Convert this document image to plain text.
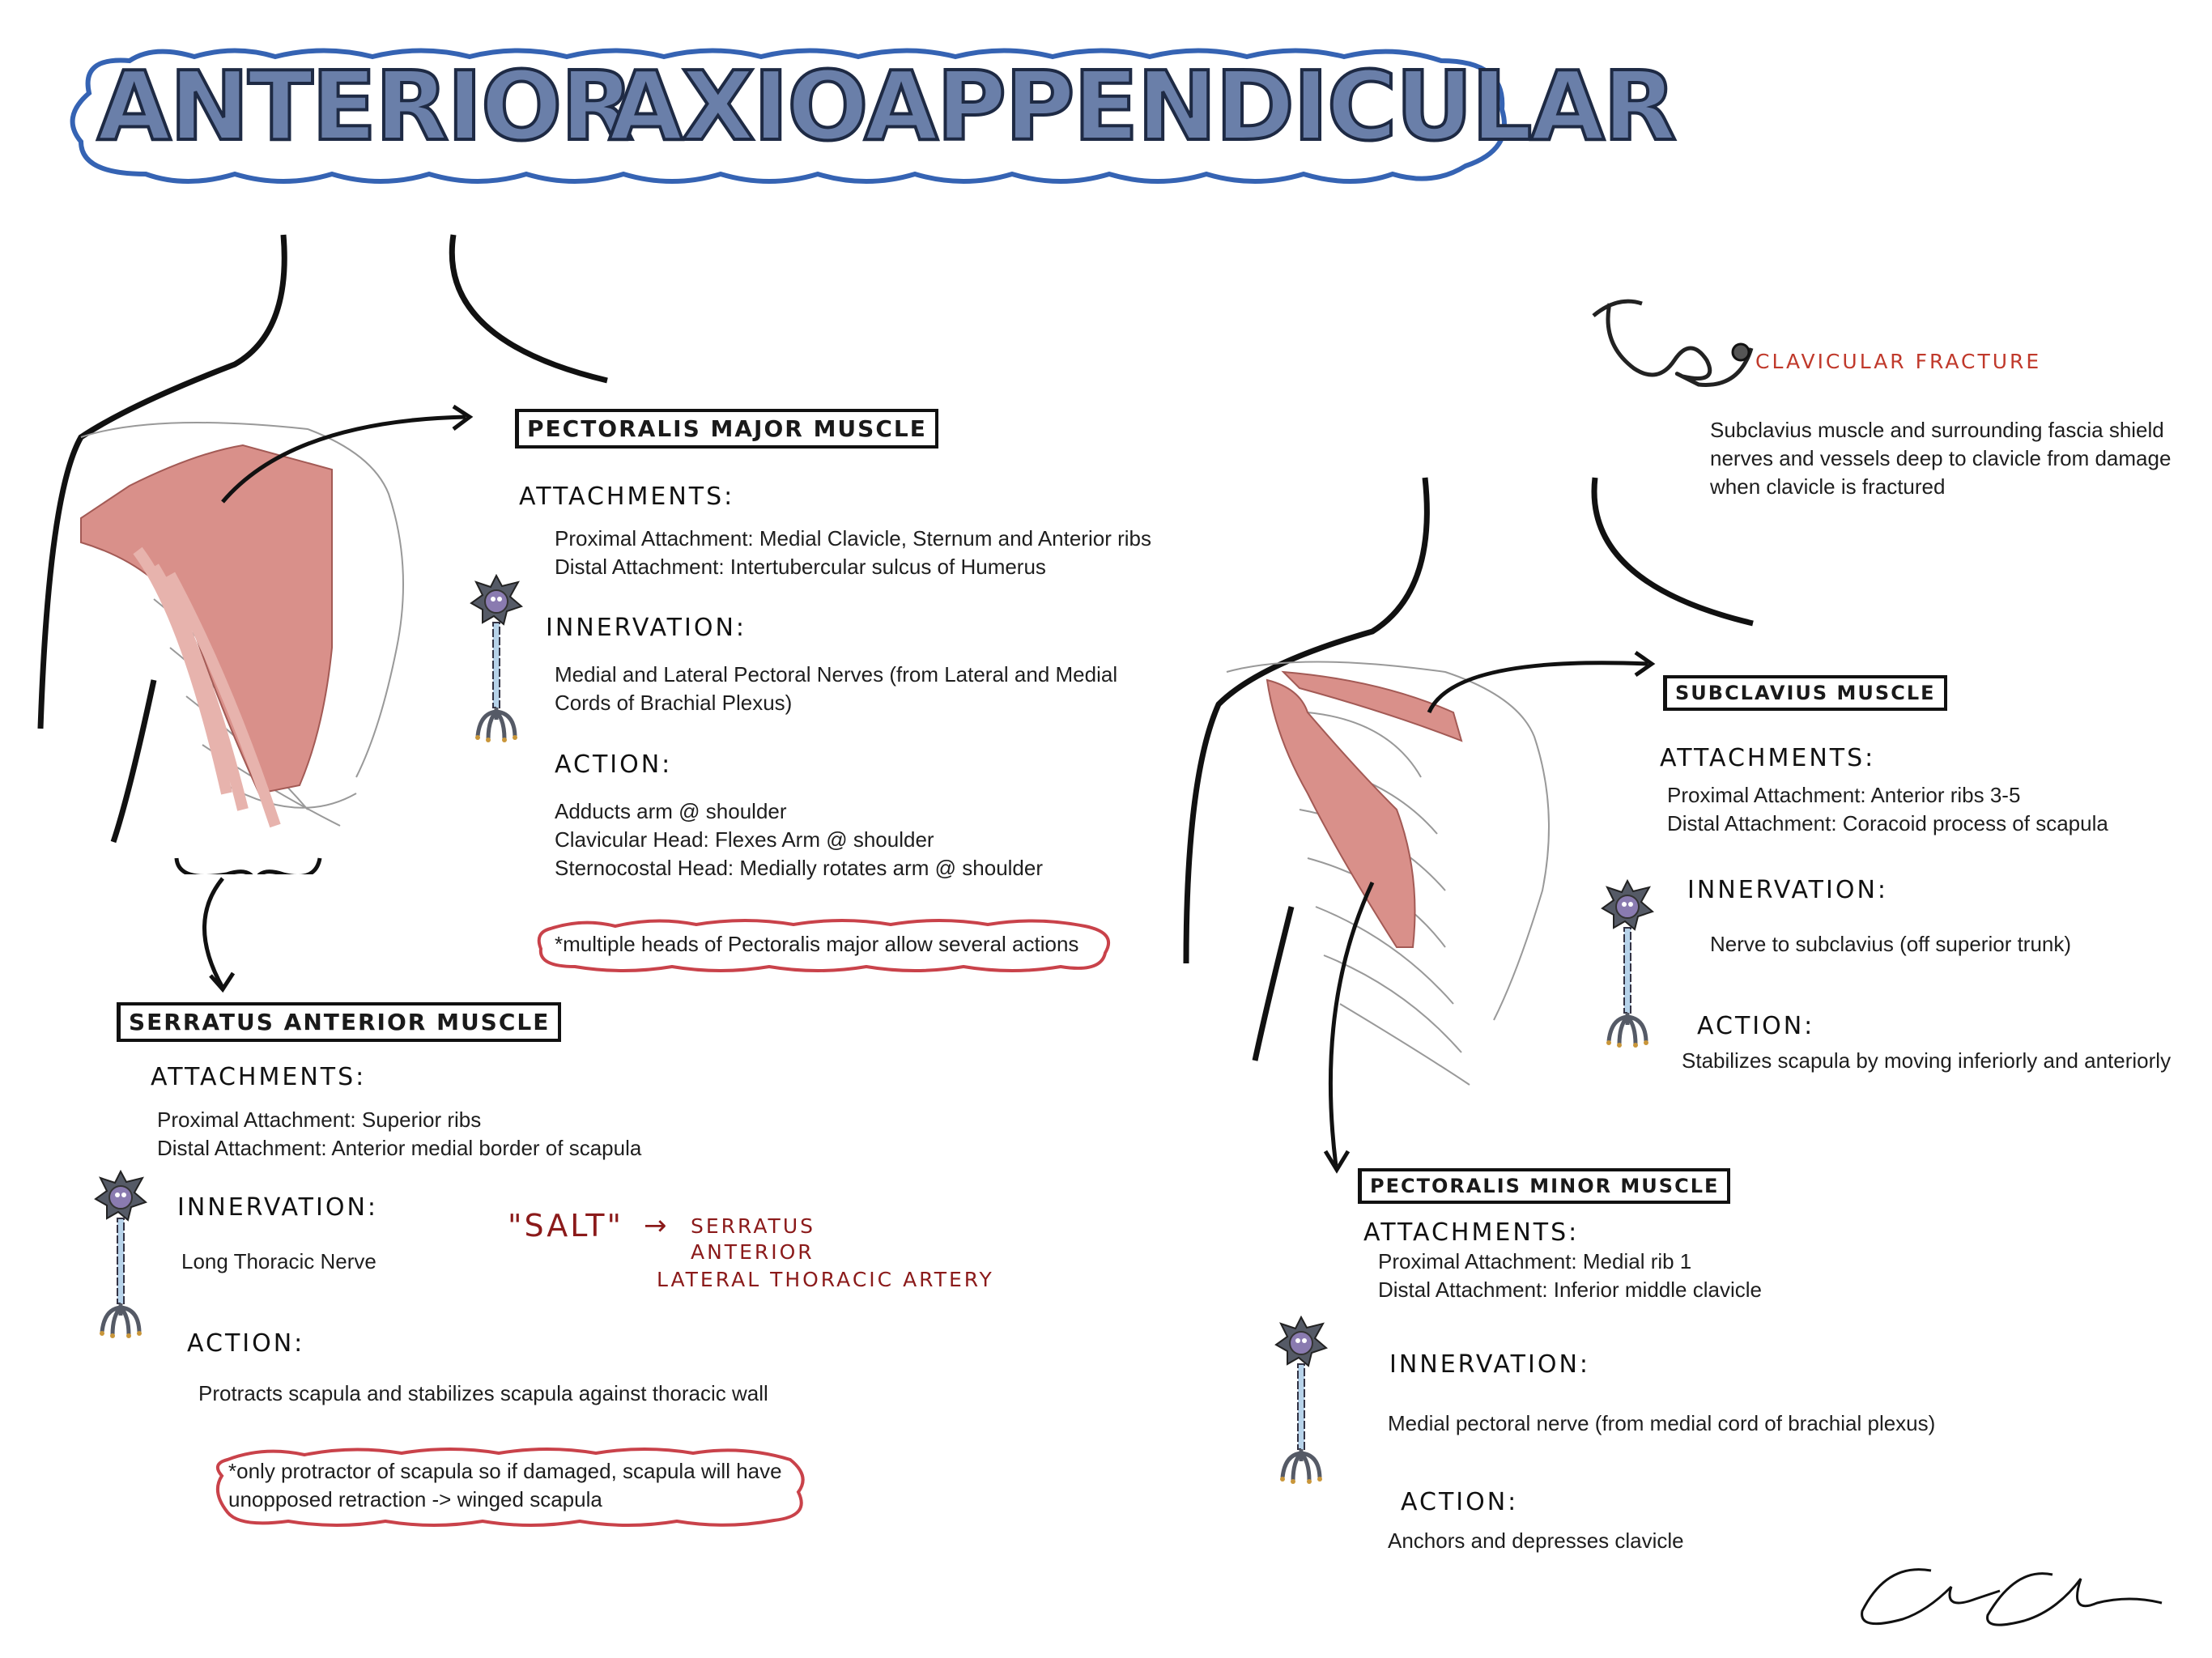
ANTERIOR
AXIOAPPENDICULAR
PECTORALIS MAJOR MUSCLE
ATTACHMENTS:
Proximal Attachment: Medial Clavicle, Sternum and Anterior ribs
Distal Attachment: Intertubercular sulcus of Humerus
INNERVATION:
Medial and Lateral Pectoral Nerves (from Lateral and Medial
Cords of Brachial Plexus)
ACTION:
Adducts arm @ shoulder
Clavicular Head: Flexes Arm @ shoulder
Sternocostal Head: Medially rotates arm @ shoulder
*multiple heads of Pectoralis major allow several actions
SERRATUS ANTERIOR MUSCLE
ATTACHMENTS:
Proximal Attachment: Superior ribs
Distal Attachment: Anterior medial border of scapula
INNERVATION:
Long Thoracic Nerve
ACTION:
Protracts scapula and stabilizes scapula against thoracic wall
*only protractor of scapula so if damaged, scapula will have
unopposed retraction -> winged scapula
"SALT" → SERRATUS
ANTERIOR
LATERAL THORACIC ARTERY
CLAVICULAR FRACTURE
Subclavius muscle and surrounding fascia shield
nerves and vessels deep to clavicle from damage
when clavicle is fractured
SUBCLAVIUS MUSCLE
ATTACHMENTS:
Proximal Attachment: Anterior ribs 3-5
Distal Attachment: Coracoid process of scapula
INNERVATION:
Nerve to subclavius (off superior trunk)
ACTION:
Stabilizes scapula by moving inferiorly and anteriorly
PECTORALIS MINOR MUSCLE
ATTACHMENTS:
Proximal Attachment: Medial rib 1
Distal Attachment: Inferior middle clavicle
INNERVATION:
Medial pectoral nerve (from medial cord of brachial plexus)
ACTION:
Anchors and depresses clavicle
